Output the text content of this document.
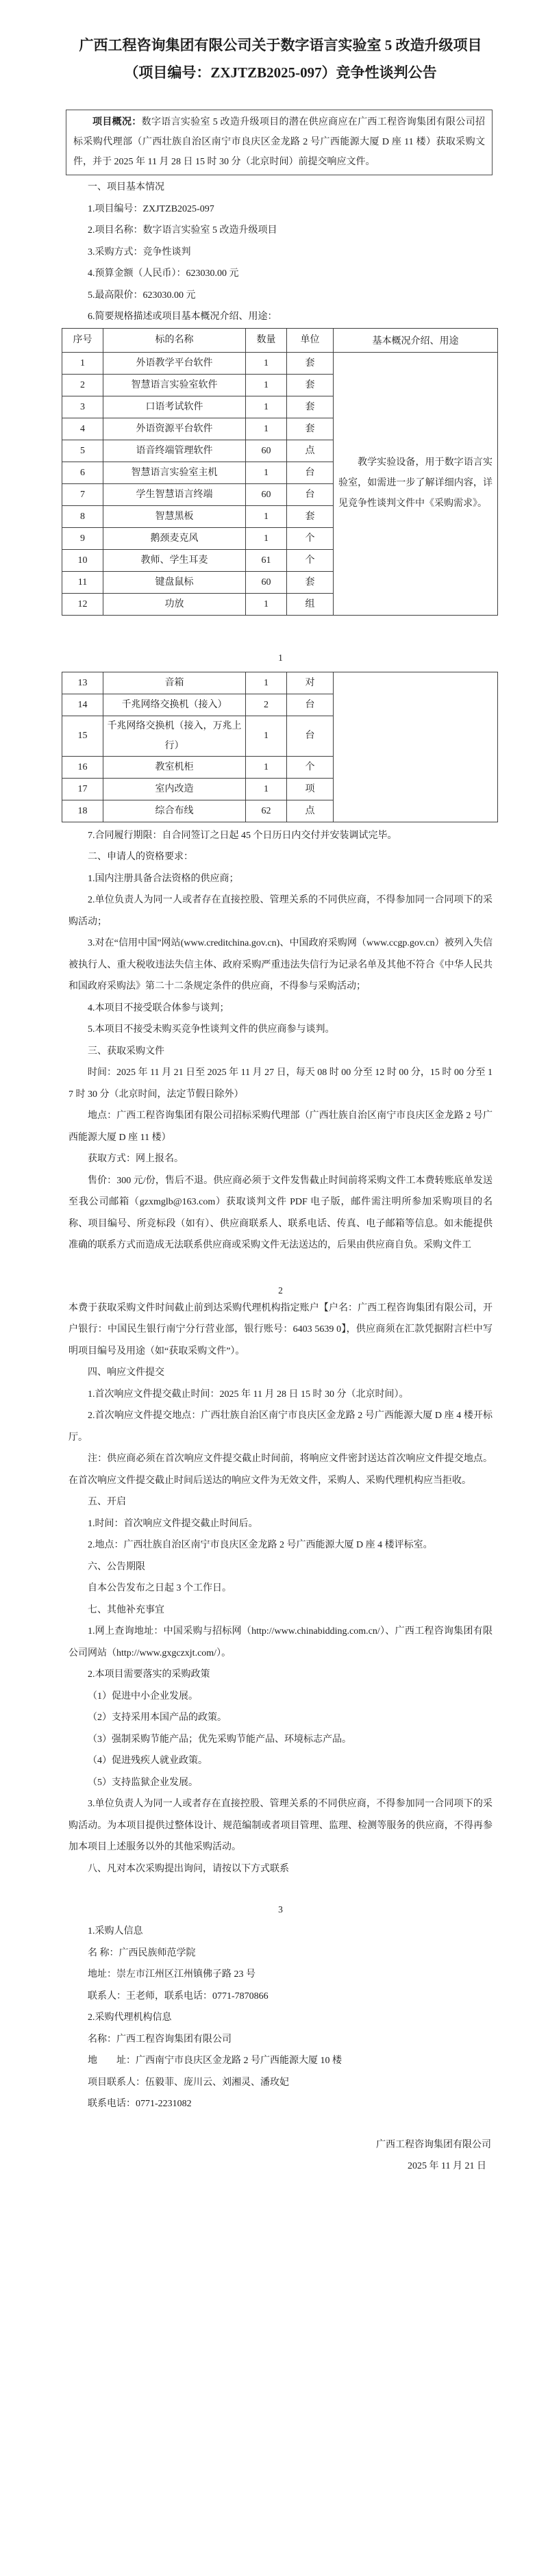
广西工程咨询集团有限公司关于数字语言实验室 5 改造升级项目
（项目编号：ZXJTZB2025-097）竞争性谈判公告

项目概况：数字语言实验室 5 改造升级项目的潜在供应商应在广西工程咨询集团有限公司招标采购代理部（广西壮族自治区南宁市良庆区金龙路 2 号广西能源大厦 D 座 11 楼）获取采购文件，并于 2025 年 11 月 28 日 15 时 30 分（北京时间）前提交响应文件。

一、项目基本情况

1.项目编号：ZXJTZB2025-097

2.项目名称：数字语言实验室 5 改造升级项目

3.采购方式：竞争性谈判

4.预算金额（人民币）：623030.00 元

5.最高限价：623030.00 元

6.简要规格描述或项目基本概况介绍、用途：

序号	标的名称	数量	单位
1	外语教学平台软件	1	套
2	智慧语言实验室软件	1	套
3	口语考试软件	1	套
4	外语资源平台软件	1	套
5	语音终端管理软件	60	点
6	智慧语言实验室主机	1	台
7	学生智慧语言终端	60	台
8	智慧黑板	1	套
9	鹅颈麦克风	1	个
10	教师、学生耳麦	61	个
11	键盘鼠标	60	套
12	功放	1	组
基本概况介绍、用途

教学实验设备，用于数字语言实验室，如需进一步了解详细内容，详见竞争性谈判文件中《采购需求》。

1
13	音箱	1	对
14	千兆网络交换机（接入）	2	台
15	千兆网络交换机（接入，万兆上行）	1	台
16	教室机柜	1	个
17	室内改造	1	项
18	综合布线	62	点

7.合同履行期限：自合同签订之日起 45 个日历日内交付并安装调试完毕。

二、申请人的资格要求：

1.国内注册具备合法资格的供应商；

2.单位负责人为同一人或者存在直接控股、管理关系的不同供应商，不得参加同一合同项下的采购活动；

3.对在“信用中国”网站(www.creditchina.gov.cn)、中国政府采购网（www.ccgp.gov.cn）被列入失信被执行人、重大税收违法失信主体、政府采购严重违法失信行为记录名单及其他不符合《中华人民共和国政府采购法》第二十二条规定条件的供应商，不得参与采购活动；

4.本项目不接受联合体参与谈判；

5.本项目不接受未购买竞争性谈判文件的供应商参与谈判。

三、获取采购文件

时间：2025 年 11 月 21 日至 2025 年 11 月 27 日，每天 08 时 00 分至 12 时 00 分，15 时 00 分至 17 时 30 分（北京时间，法定节假日除外）

地点：广西工程咨询集团有限公司招标采购代理部（广西壮族自治区南宁市良庆区金龙路 2 号广西能源大厦 D 座 11 楼）

获取方式：网上报名。

售价：300 元/份，售后不退。供应商必须于文件发售截止时间前将采购文件工本费转账底单发送至我公司邮箱（gzxmglb@163.com）获取谈判文件 PDF 电子版，邮件需注明所参加采购项目的名称、项目编号、所竞标段（如有）、供应商联系人、联系电话、传真、电子邮箱等信息。如未能提供准确的联系方式而造成无法联系供应商或采购文件无法送达的，后果由供应商自负。采购文件工

2

本费于获取采购文件时间截止前到达采购代理机构指定账户【户名：广西工程咨询集团有限公司，开户银行：中国民生银行南宁分行营业部，银行账号：6403 5639 0】，供应商须在汇款凭据附言栏中写明项目编号及用途（如“获取采购文件”）。

四、响应文件提交

1.首次响应文件提交截止时间：2025 年 11 月 28 日 15 时 30 分（北京时间）。

2.首次响应文件提交地点：广西壮族自治区南宁市良庆区金龙路 2 号广西能源大厦 D 座 4 楼开标厅。

注：供应商必须在首次响应文件提交截止时间前，将响应文件密封送达首次响应文件提交地点。在首次响应文件提交截止时间后送达的响应文件为无效文件，采购人、采购代理机构应当拒收。

五、开启

1.时间：首次响应文件提交截止时间后。

2.地点：广西壮族自治区南宁市良庆区金龙路 2 号广西能源大厦 D 座 4 楼评标室。

六、公告期限

自本公告发布之日起 3 个工作日。

七、其他补充事宜

1.网上查询地址：中国采购与招标网（http://www.chinabidding.com.cn/）、广西工程咨询集团有限公司网站（http://www.gxgczxjt.com/）。

2.本项目需要落实的采购政策

（1）促进中小企业发展。

（2）支持采用本国产品的政策。

（3）强制采购节能产品；优先采购节能产品、环境标志产品。

（4）促进残疾人就业政策。

（5）支持监狱企业发展。

3.单位负责人为同一人或者存在直接控股、管理关系的不同供应商，不得参加同一合同项下的采购活动。为本项目提供过整体设计、规范编制或者项目管理、监理、检测等服务的供应商，不得再参加本项目上述服务以外的其他采购活动。

八、凡对本次采购提出询问，请按以下方式联系

3

1.采购人信息

名 称：广西民族师范学院

地址：崇左市江州区江州镇佛子路 23 号

联系人：王老师，联系电话：0771-7870866

2.采购代理机构信息

名称：广西工程咨询集团有限公司

地　　址：广西南宁市良庆区金龙路 2 号广西能源大厦 10 楼

项目联系人：伍毅菲、庞川云、刘湘灵、潘玫妃

联系电话：0771-2231082

广西工程咨询集团有限公司
2025 年 11 月 21 日
